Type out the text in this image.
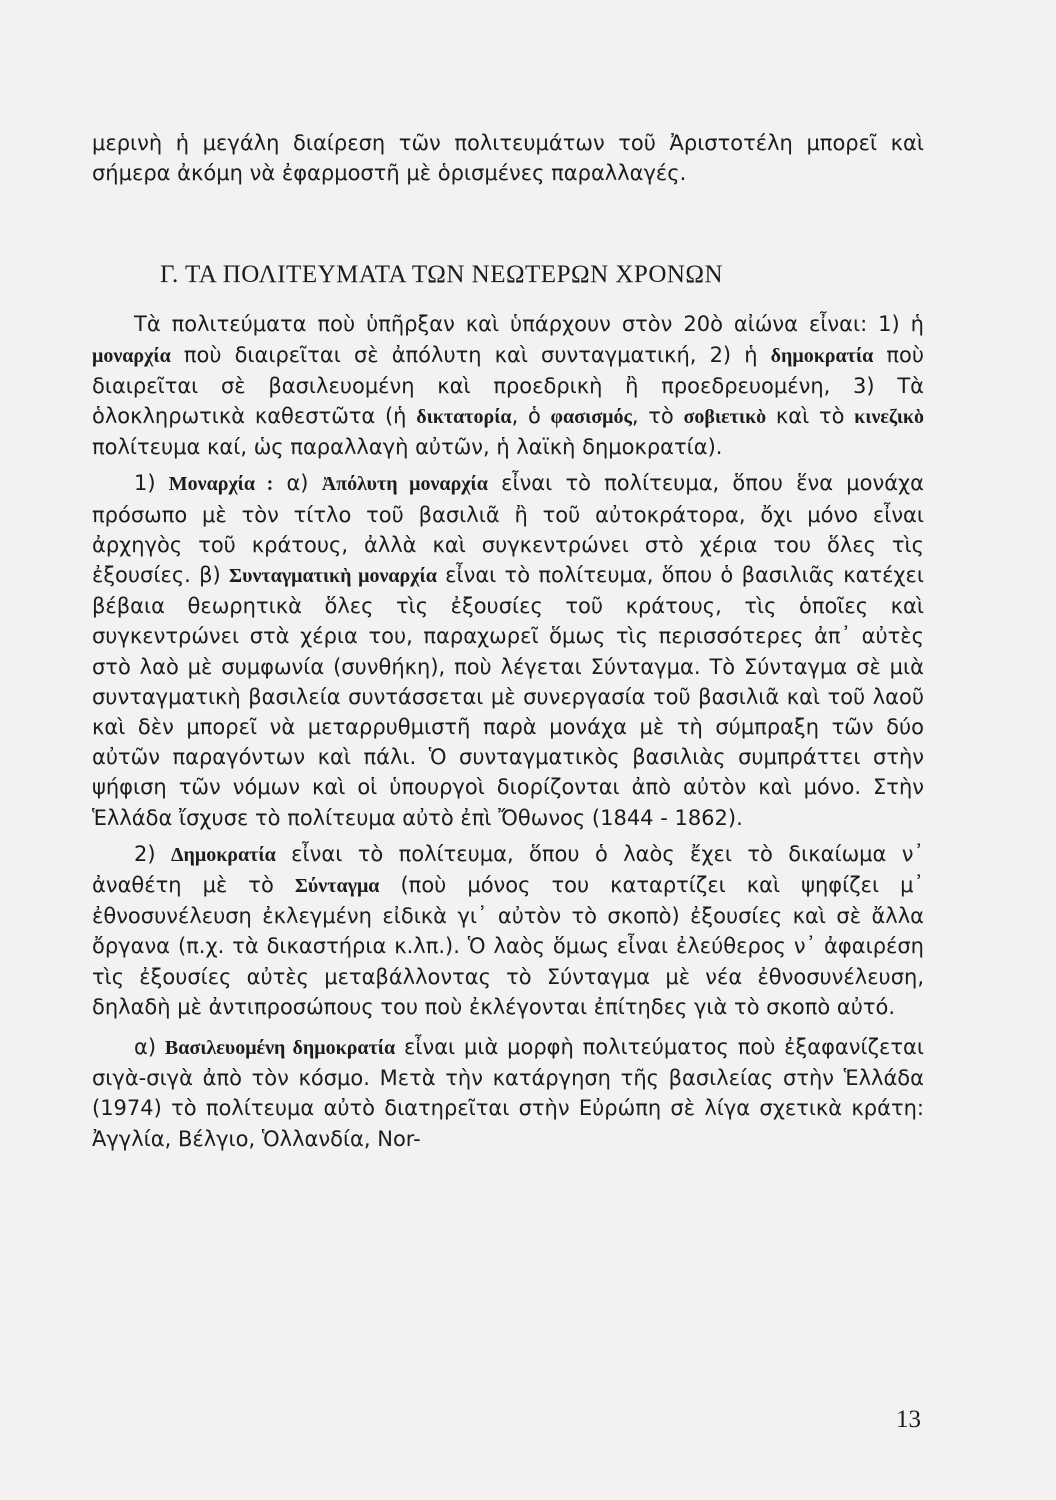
μερινὴ ἡ μεγάλη διαίρεση τῶν πολιτευμάτων τοῦ Ἀριστοτέλη μπορεῖ καὶ σήμερα ἀκόμη νὰ ἐφαρμοστῆ μὲ ὁρισμένες παραλλαγές.

Γ. ΤΑ ΠΟΛΙΤΕΥΜΑΤΑ ΤΩΝ ΝΕΩΤΕΡΩΝ ΧΡΟΝΩΝ

Τὰ πολιτεύματα ποὺ ὑπῆρξαν καὶ ὑπάρχουν στὸν 20ὸ αἰώνα εἶναι: 1) ἡ μοναρχία ποὺ διαιρεῖται σὲ ἀπόλυτη καὶ συνταγματική, 2) ἡ δημοκρατία ποὺ διαιρεῖται σὲ βασιλευομένη καὶ προεδρικὴ ἢ προεδρευομένη, 3) Τὰ ὁλοκληρωτικὰ καθεστῶτα (ἡ δικτατορία, ὁ φασισμός, τὸ σοβιετικὸ καὶ τὸ κινεζικὸ πολίτευμα καί, ὡς παραλλαγὴ αὐτῶν, ἡ λαϊκὴ δημοκρατία).

1) Μοναρχία : α) Ἀπόλυτη μοναρχία εἶναι τὸ πολίτευμα, ὅπου ἕνα μονάχα πρόσωπο μὲ τὸν τίτλο τοῦ βασιλιᾶ ἢ τοῦ αὐτοκράτορα, ὄχι μόνο εἶναι ἀρχηγὸς τοῦ κράτους, ἀλλὰ καὶ συγκεντρώνει στὸ χέρια του ὅλες τὶς ἐξουσίες. β) Συνταγματικὴ μοναρχία εἶναι τὸ πολίτευμα, ὅπου ὁ βασιλιᾶς κατέχει βέβαια θεωρητικὰ ὅλες τὶς ἐξουσίες τοῦ κράτους, τὶς ὁποῖες καὶ συγκεντρώνει στὰ χέρια του, παραχωρεῖ ὅμως τὶς περισσότερες ἀπ᾿ αὐτὲς στὸ λαὸ μὲ συμφωνία (συνθήκη), ποὺ λέγεται Σύνταγμα. Τὸ Σύνταγμα σὲ μιὰ συνταγματικὴ βασιλεία συντάσσεται μὲ συνεργασία τοῦ βασιλιᾶ καὶ τοῦ λαοῦ καὶ δὲν μπορεῖ νὰ μεταρρυθμιστῆ παρὰ μονάχα μὲ τὴ σύμπραξη τῶν δύο αὐτῶν παραγόντων καὶ πάλι. Ὁ συνταγματικὸς βασιλιὰς συμπράττει στὴν ψήφιση τῶν νόμων καὶ οἱ ὑπουργοὶ διορίζονται ἀπὸ αὐτὸν καὶ μόνο. Στὴν Ἑλλάδα ἴσχυσε τὸ πολίτευμα αὐτὸ ἐπὶ Ὄθωνος (1844 - 1862).

2) Δημοκρατία εἶναι τὸ πολίτευμα, ὅπου ὁ λαὸς ἔχει τὸ δικαίωμα ν᾿ ἀναθέτη μὲ τὸ Σύνταγμα (ποὺ μόνος του καταρτίζει καὶ ψηφίζει μ᾿ ἐθνοσυνέλευση ἐκλεγμένη εἰδικὰ γι᾿ αὐτὸν τὸ σκοπὸ) ἐξουσίες καὶ σὲ ἄλλα ὄργανα (π.χ. τὰ δικαστήρια κ.λπ.). Ὁ λαὸς ὅμως εἶναι ἐλεύθερος ν᾿ ἀφαιρέση τὶς ἐξουσίες αὐτὲς μεταβάλλοντας τὸ Σύνταγμα μὲ νέα ἐθνοσυνέλευση, δηλαδὴ μὲ ἀντιπροσώπους του ποὺ ἐκλέγονται ἐπίτηδες γιὰ τὸ σκοπὸ αὐτό.

α) Βασιλευομένη δημοκρατία εἶναι μιὰ μορφὴ πολιτεύματος ποὺ ἐξαφανίζεται σιγὰ-σιγὰ ἀπὸ τὸν κόσμο. Μετὰ τὴν κατάργηση τῆς βασιλείας στὴν Ἑλλάδα (1974) τὸ πολίτευμα αὐτὸ διατηρεῖται στὴν Εὐρώπη σὲ λίγα σχετικὰ κράτη: Ἀγγλία, Βέλγιο, Ὁλλανδία, Nor-

13
